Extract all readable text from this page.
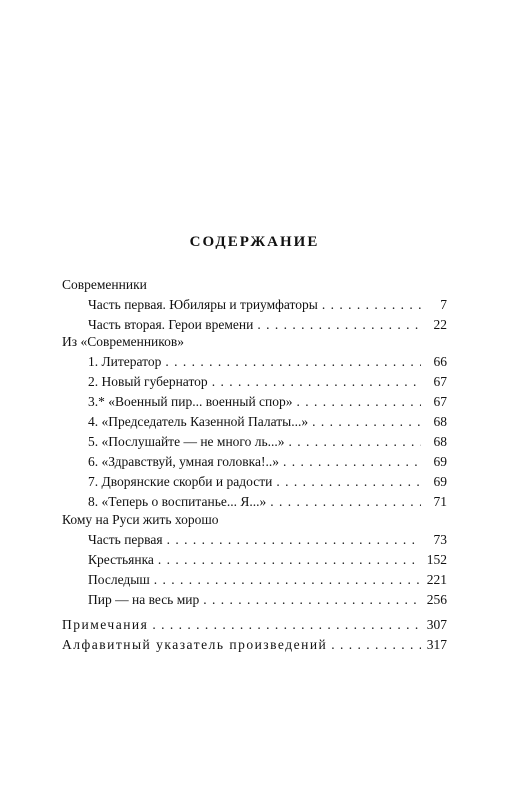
СОДЕРЖАНИЕ
Современники
Часть первая. Юбиляры и триумфаторы . . .	7
Часть вторая. Герои времени . . .	22
Из «Современников»
1. Литератор . . .	66
2. Новый губернатор . . .	67
3.* «Военный пир... военный спор» . . .	67
4. «Председатель Казенной Палаты...» . . .	68
5. «Послушайте — не много ль...» . . .	68
6. «Здравствуй, умная головка!..» . . .	69
7. Дворянские скорби и радости . . .	69
8. «Теперь о воспитанье... Я...» . . .	71
Кому на Руси жить хорошо
Часть первая . . .	73
Крестьянка . . .	152
Последыш . . .	221
Пир — на весь мир . . .	256
Примечания . . .	307
Алфавитный указатель произведений . . .	317
